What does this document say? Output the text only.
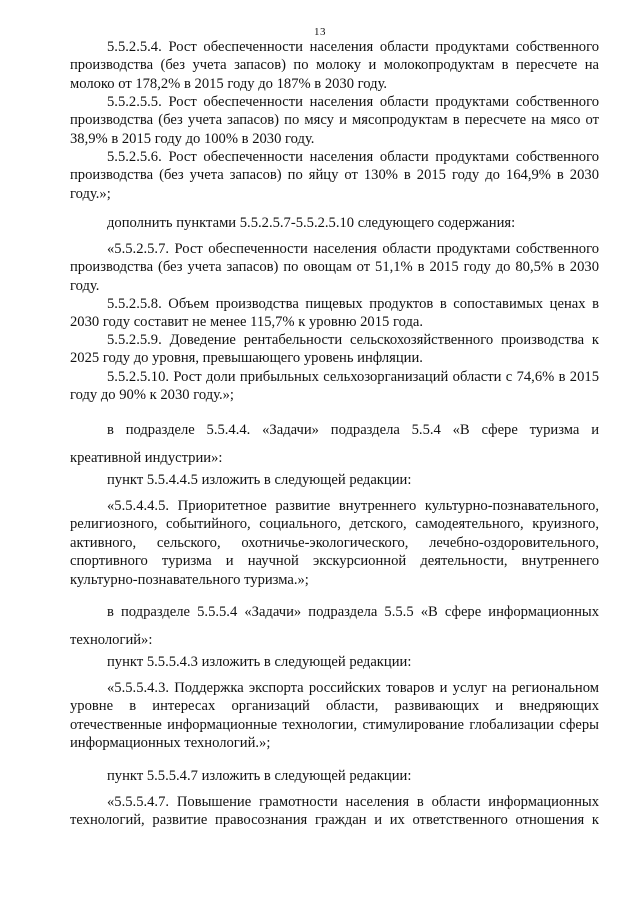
13

5.5.2.5.4. Рост обеспеченности населения области продуктами собственного производства (без учета запасов) по молоку и молокопродуктам в пересчете на молоко от 178,2% в 2015 году до 187% в 2030 году.

5.5.2.5.5. Рост обеспеченности населения области продуктами собственного производства (без учета запасов) по мясу и мясопродуктам в пересчете на мясо от 38,9% в 2015 году до 100% в 2030 году.

5.5.2.5.6. Рост обеспеченности населения области продуктами собственного производства (без учета запасов) по яйцу от 130% в 2015 году до 164,9% в 2030 году.»;

дополнить пунктами 5.5.2.5.7-5.5.2.5.10 следующего содержания:

«5.5.2.5.7. Рост обеспеченности населения области продуктами собственного производства (без учета запасов) по овощам от 51,1% в 2015 году до 80,5% в 2030 году.

5.5.2.5.8. Объем производства пищевых продуктов в сопоставимых ценах в 2030 году составит не менее 115,7% к уровню 2015 года.

5.5.2.5.9. Доведение рентабельности сельскохозяйственного производства к 2025 году до уровня, превышающего уровень инфляции.

5.5.2.5.10. Рост доли прибыльных сельхозорганизаций области с 74,6% в 2015 году до 90% к 2030 году.»;

в подразделе 5.5.4.4. «Задачи» подраздела 5.5.4 «В сфере туризма и креативной индустрии»:

пункт 5.5.4.4.5 изложить в следующей редакции:

«5.5.4.4.5. Приоритетное развитие внутреннего культурно-познавательного, религиозного, событийного, социального, детского, самодеятельного, круизного, активного, сельского, охотничье-экологического, лечебно-оздоровительного, спортивного туризма и научной экскурсионной деятельности, внутреннего культурно-познавательного туризма.»;

в подразделе 5.5.5.4 «Задачи» подраздела 5.5.5 «В сфере информационных технологий»:

пункт 5.5.5.4.3 изложить в следующей редакции:

«5.5.5.4.3. Поддержка экспорта российских товаров и услуг на региональном уровне в интересах организаций области, развивающих и внедряющих отечественные информационные технологии, стимулирование глобализации сферы информационных технологий.»;

пункт 5.5.5.4.7 изложить в следующей редакции:

«5.5.5.4.7. Повышение грамотности населения в области информационных технологий, развитие правосознания граждан и их ответственного отношения к
